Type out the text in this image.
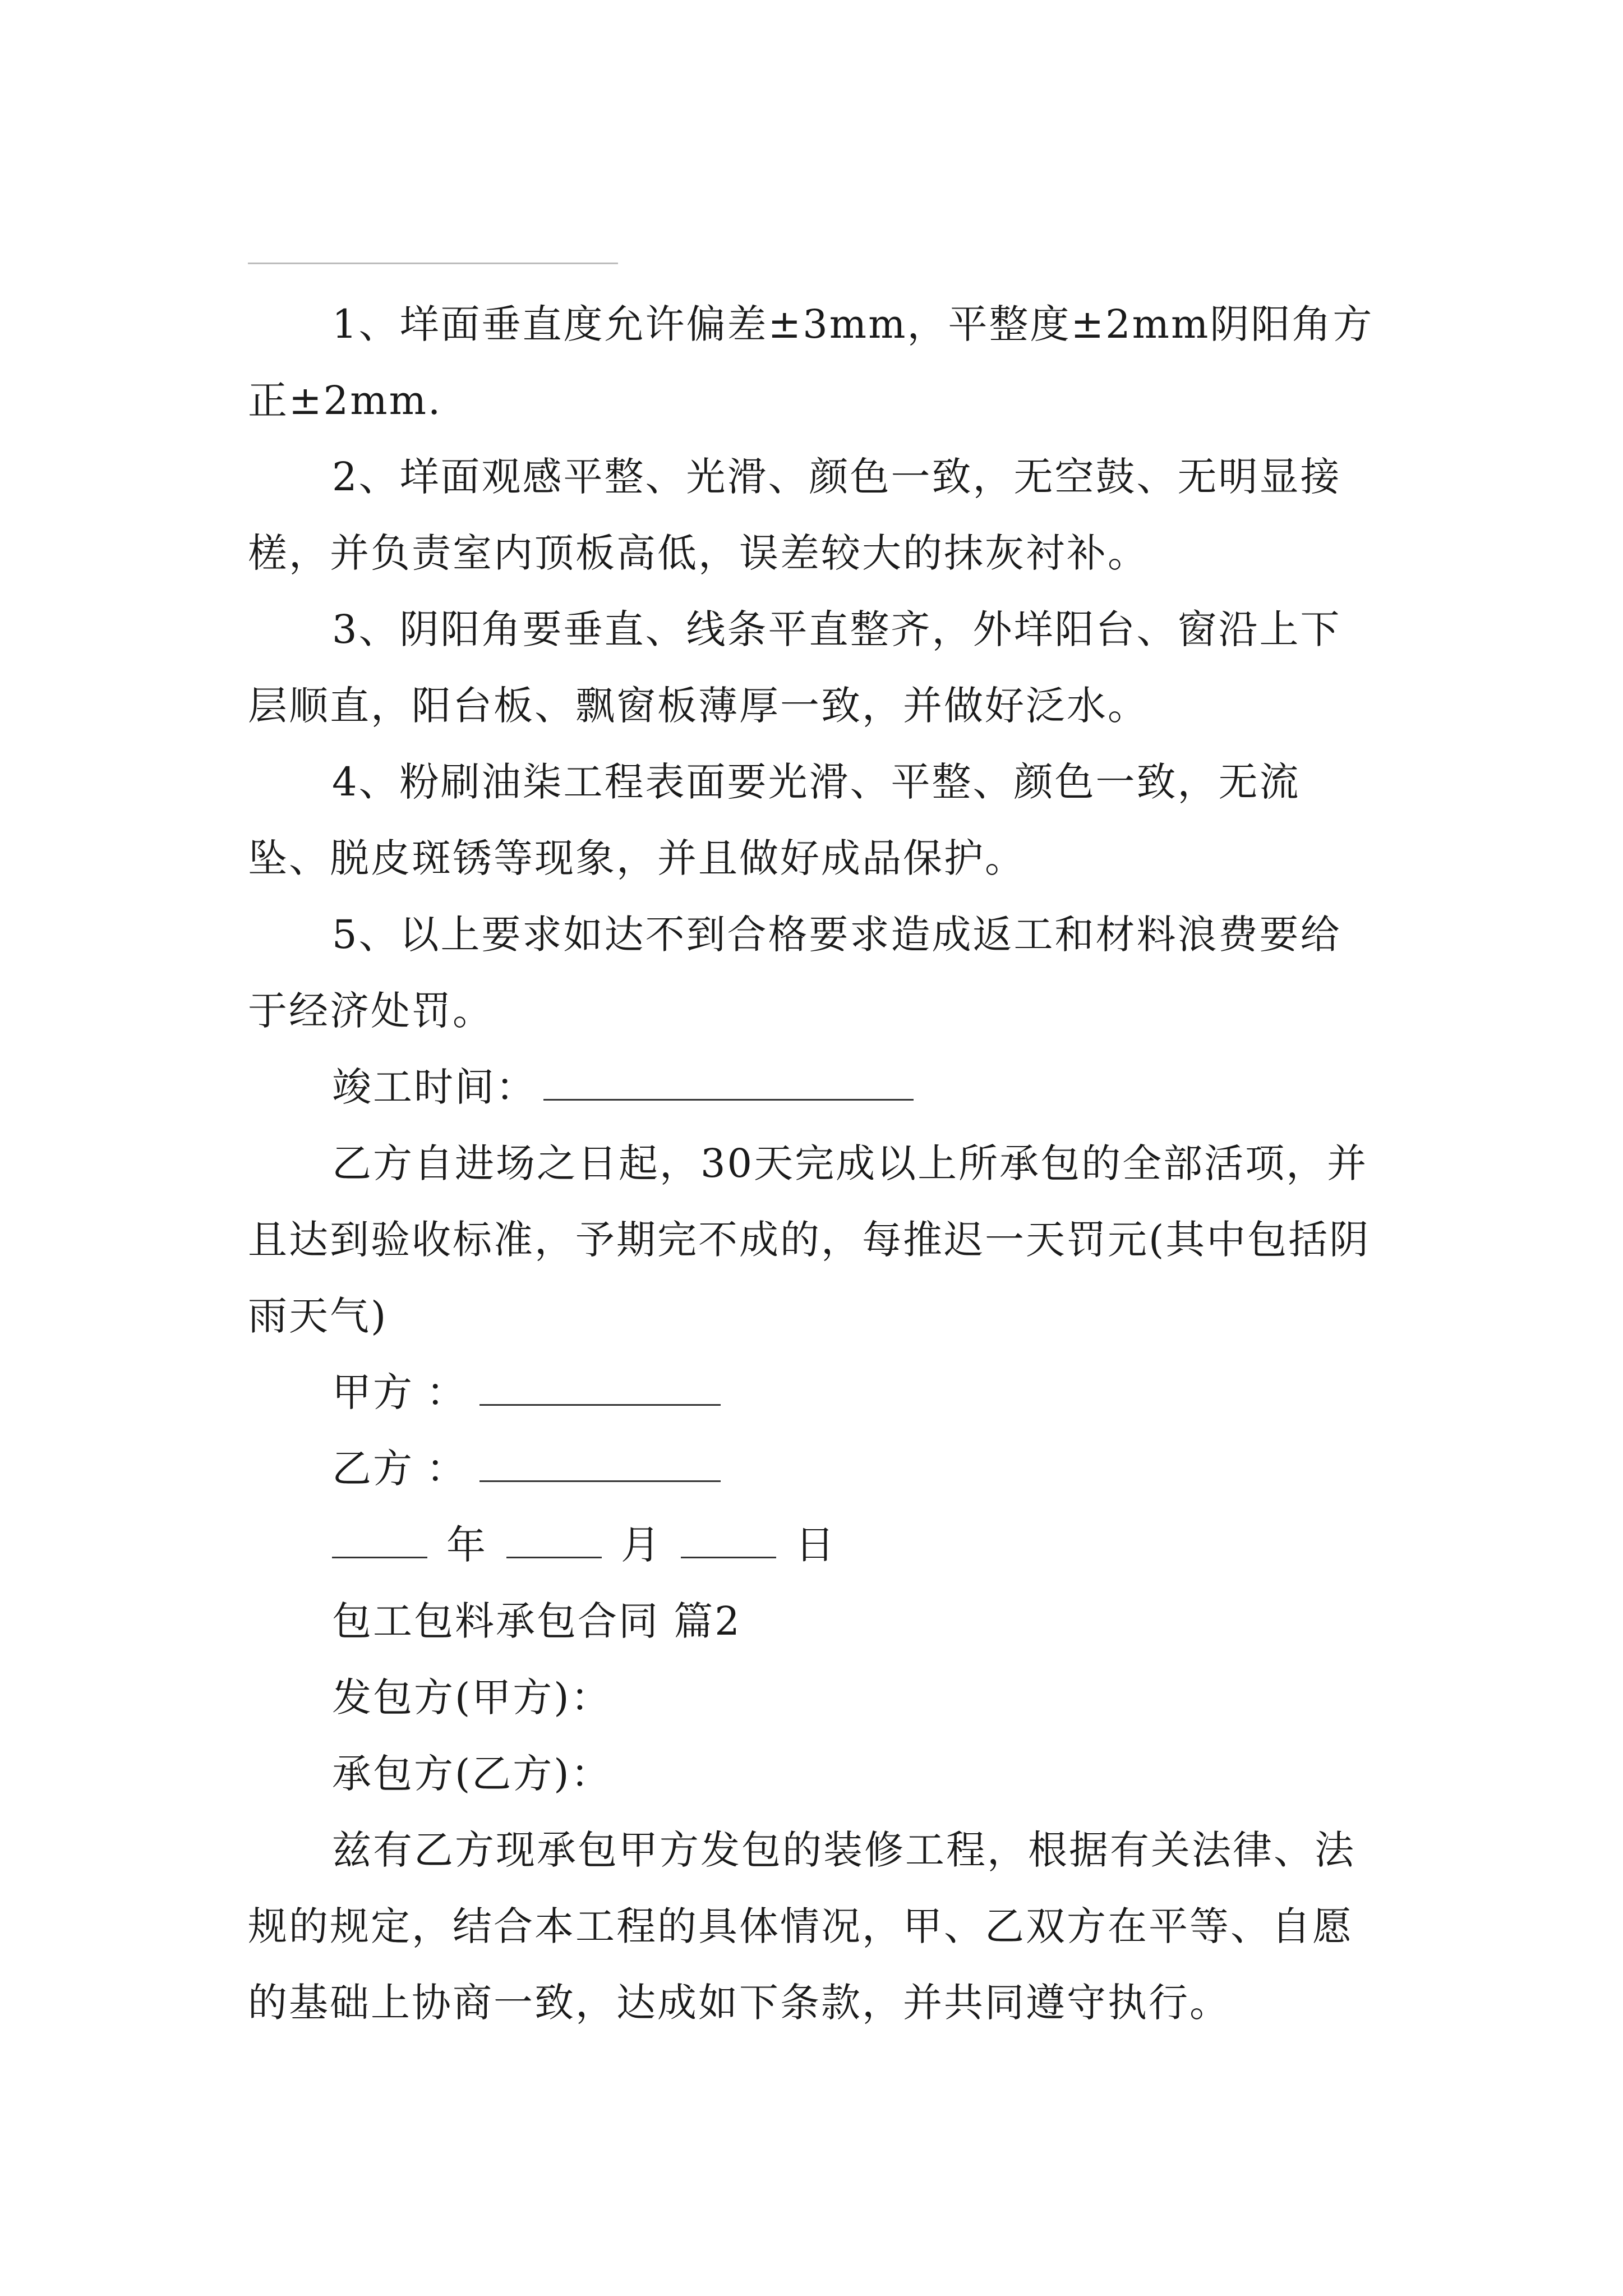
1、垟面垂直度允许偏差±3mm，平整度±2mm阴阳角方正±2mm.

2、垟面观感平整、光滑、颜色一致，无空鼓、无明显接槎，并负责室内顶板高低，误差较大的抹灰衬补。

3、阴阳角要垂直、线条平直整齐，外垟阳台、窗沿上下层顺直，阳台板、飘窗板薄厚一致，并做好泛水。

4、粉刷油柒工程表面要光滑、平整、颜色一致，无流坠、脱皮斑锈等现象，并且做好成品保护。

5、以上要求如达不到合格要求造成返工和材料浪费要给于经济处罚。

竣工时间：

乙方自进场之日起，30天完成以上所承包的全部活项，并且达到验收标准，予期完不成的，每推迟一天罚元(其中包括阴雨天气)

甲方 ：

乙方 ：

年	月	日

包工包料承包合同 篇2

发包方(甲方)：

承包方(乙方)：

兹有乙方现承包甲方发包的装修工程，根据有关法律、法规的规定，结合本工程的具体情况，甲、乙双方在平等、自愿的基础上协商一致，达成如下条款，并共同遵守执行。
